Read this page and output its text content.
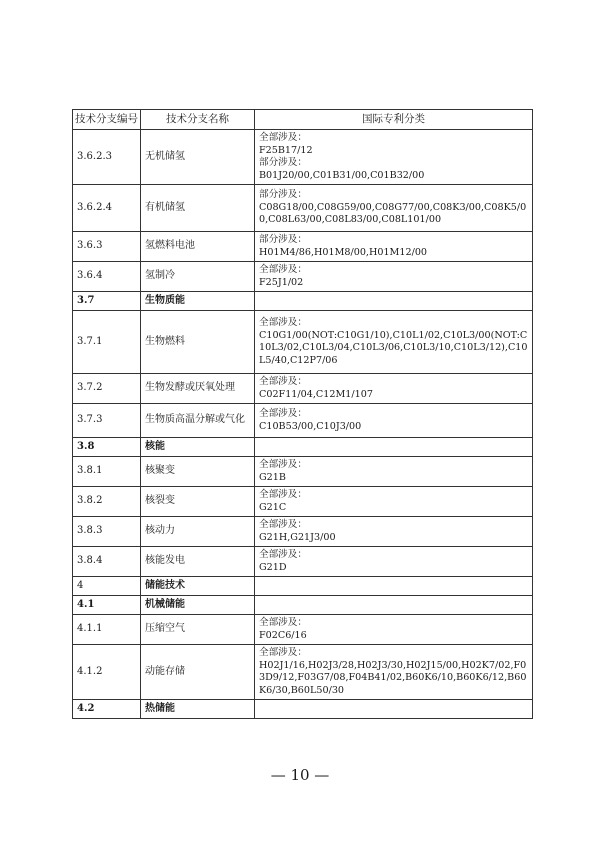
技术分支编号	技术分支名称	国际专利分类
3.6.2.3	无机储氢	全部涉及：
F25B17/12
部分涉及：
B01J20/00,C01B31/00,C01B32/00

3.6.2.4	有机储氢	部分涉及：
C08G18/00,C08G59/00,C08G77/00,C08K3/00,C08K5/00,C08L63/00,C08L83/00,C08L101/00

3.6.3	氢燃料电池	部分涉及：
H01M4/86,H01M8/00,H01M12/00

3.6.4	氢制冷	全部涉及：
F25J1/02

3.7	生物质能	
3.7.1	生物燃料	全部涉及：
C10G1/00(NOT:C10G1/10),C10L1/02,C10L3/00(NOT:C10L3/02,C10L3/04,C10L3/06,C10L3/10,C10L3/12),C10L5/40,C12P7/06

3.7.2	生物发酵或厌氧处理	全部涉及：
C02F11/04,C12M1/107

3.7.3	生物质高温分解或气化	全部涉及：
C10B53/00,C10J3/00

3.8	核能	
3.8.1	核聚变	全部涉及：
G21B

3.8.2	核裂变	全部涉及：
G21C

3.8.3	核动力	全部涉及：
G21H,G21J3/00

3.8.4	核能发电	全部涉及：
G21D

4	储能技术	
4.1	机械储能	
4.1.1	压缩空气	全部涉及：
F02C6/16

4.1.2	动能存储	全部涉及：
H02J1/16,H02J3/28,H02J3/30,H02J15/00,H02K7/02,F03D9/12,F03G7/08,F04B41/02,B60K6/10,B60K6/12,B60K6/30,B60L50/30

4.2	热储能	
— 10 —
